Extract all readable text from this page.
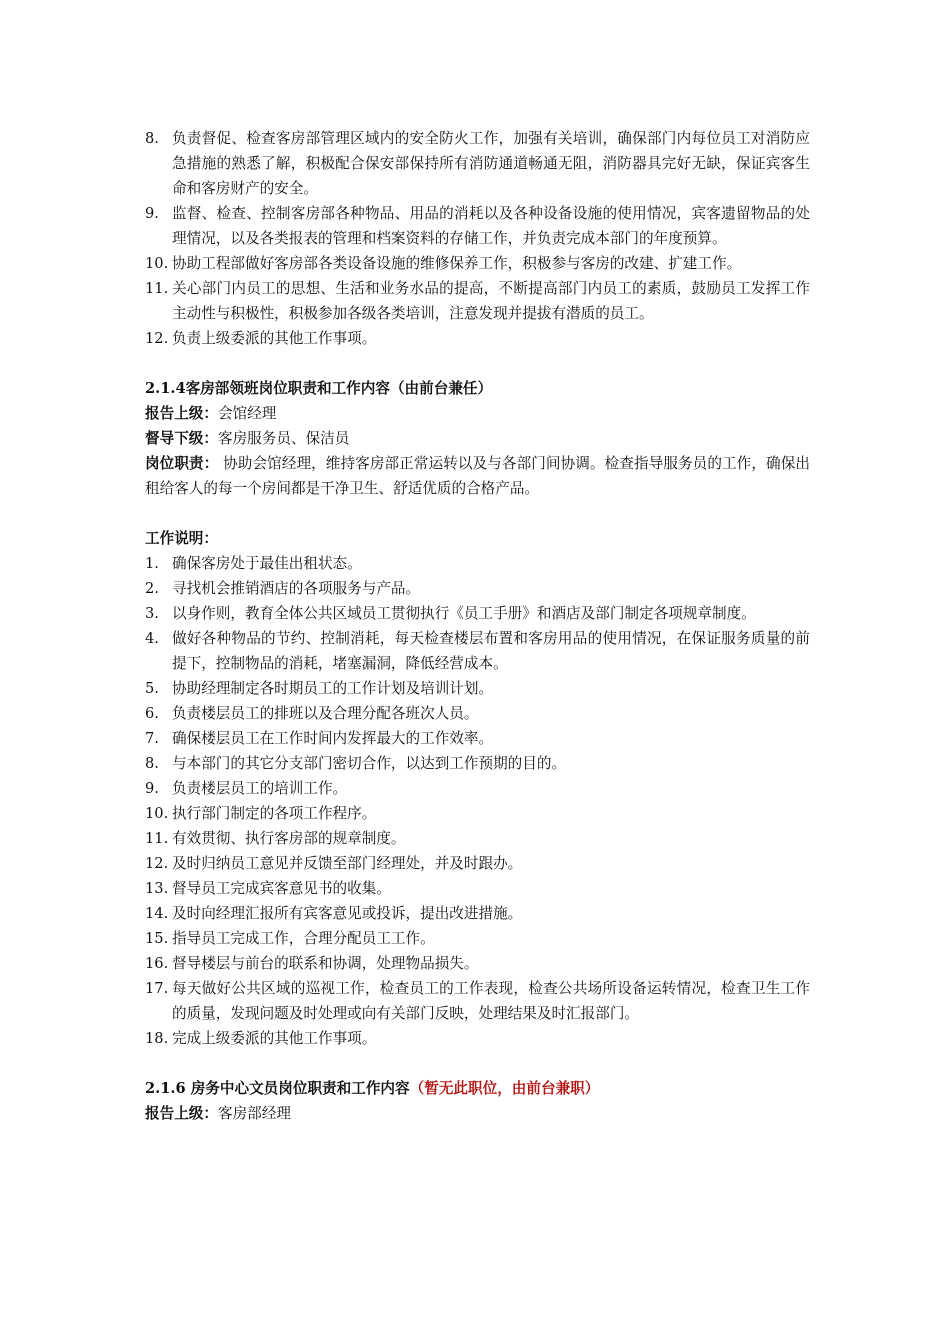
8. 负责督促、检查客房部管理区域内的安全防火工作，加强有关培训，确保部门内每位员工对消防应急措施的熟悉了解，积极配合保安部保持所有消防通道畅通无阻，消防器具完好无缺，保证宾客生命和客房财产的安全。
9. 监督、检查、控制客房部各种物品、用品的消耗以及各种设备设施的使用情况，宾客遗留物品的处理情况，以及各类报表的管理和档案资料的存储工作，并负责完成本部门的年度预算。
10. 协助工程部做好客房部各类设备设施的维修保养工作，积极参与客房的改建、扩建工作。
11. 关心部门内员工的思想、生活和业务水品的提高，不断提高部门内员工的素质，鼓励员工发挥工作主动性与积极性，积极参加各级各类培训，注意发现并提拔有潜质的员工。
12. 负责上级委派的其他工作事项。

2.1.4客房部领班岗位职责和工作内容（由前台兼任）

报告上级：会馆经理

督导下级：客房服务员、保洁员

岗位职责： 协助会馆经理，维持客房部正常运转以及与各部门间协调。检查指导服务员的工作，确保出租给客人的每一个房间都是干净卫生、舒适优质的合格产品。

工作说明：

1. 确保客房处于最佳出租状态。
2. 寻找机会推销酒店的各项服务与产品。
3. 以身作则，教育全体公共区域员工贯彻执行《员工手册》和酒店及部门制定各项规章制度。
4. 做好各种物品的节约、控制消耗，每天检查楼层布置和客房用品的使用情况，在保证服务质量的前提下，控制物品的消耗，堵塞漏洞，降低经营成本。
5. 协助经理制定各时期员工的工作计划及培训计划。
6. 负责楼层员工的排班以及合理分配各班次人员。
7. 确保楼层员工在工作时间内发挥最大的工作效率。
8. 与本部门的其它分支部门密切合作，以达到工作预期的目的。
9. 负责楼层员工的培训工作。
10. 执行部门制定的各项工作程序。
11. 有效贯彻、执行客房部的规章制度。
12. 及时归纳员工意见并反馈至部门经理处，并及时跟办。
13. 督导员工完成宾客意见书的收集。
14. 及时向经理汇报所有宾客意见或投诉，提出改进措施。
15. 指导员工完成工作，合理分配员工工作。
16. 督导楼层与前台的联系和协调，处理物品损失。
17. 每天做好公共区域的巡视工作，检查员工的工作表现，检查公共场所设备运转情况，检查卫生工作的质量，发现问题及时处理或向有关部门反映，处理结果及时汇报部门。
18. 完成上级委派的其他工作事项。

2.1.6 房务中心文员岗位职责和工作内容（暂无此职位，由前台兼职）

报告上级：客房部经理
